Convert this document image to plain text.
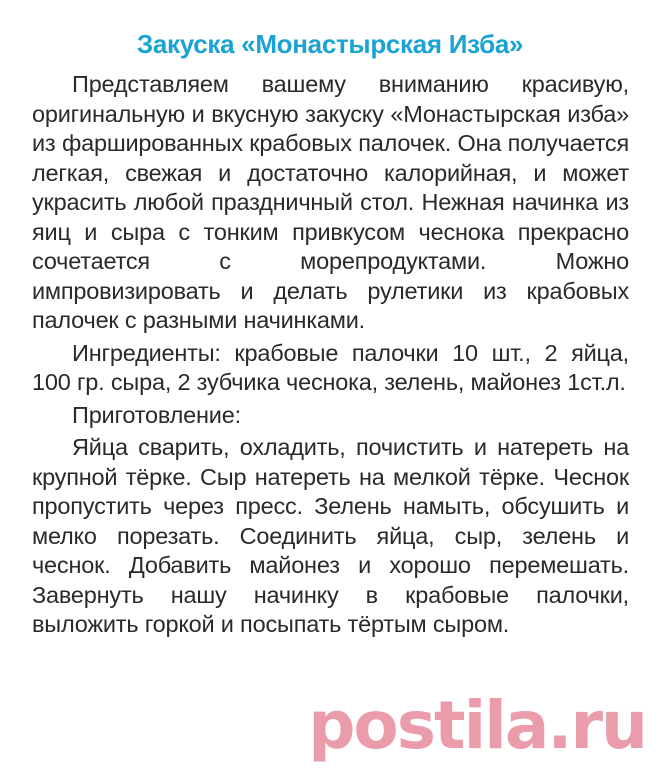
Закуска «Монастырская Изба»

Представляем вашему вниманию красивую, оригинальную и вкусную закуску «Монастырская изба» из фаршированных крабовых палочек. Она получается легкая, свежая и достаточно калорийная, и может украсить любой праздничный стол. Нежная начинка из яиц и сыра с тонким привкусом чеснока прекрасно сочетается с морепродуктами. Можно импровизировать и делать рулетики из крабовых палочек с разными начинками.

Ингредиенты: крабовые палочки 10 шт., 2 яйца, 100 гр. сыра, 2 зубчика чеснока, зелень, майонез 1ст.л.

Приготовление:

Яйца сварить, охладить, почистить и натереть на крупной тёрке. Сыр натереть на мелкой тёрке. Чеснок пропустить через пресс. Зелень намыть, обсушить и мелко порезать. Соединить яйца, сыр, зелень и чеснок. Добавить майонез и хорошо перемешать. Завернуть нашу начинку в крабовые палочки, выложить горкой и посыпать тёртым сыром.

postila.ru
